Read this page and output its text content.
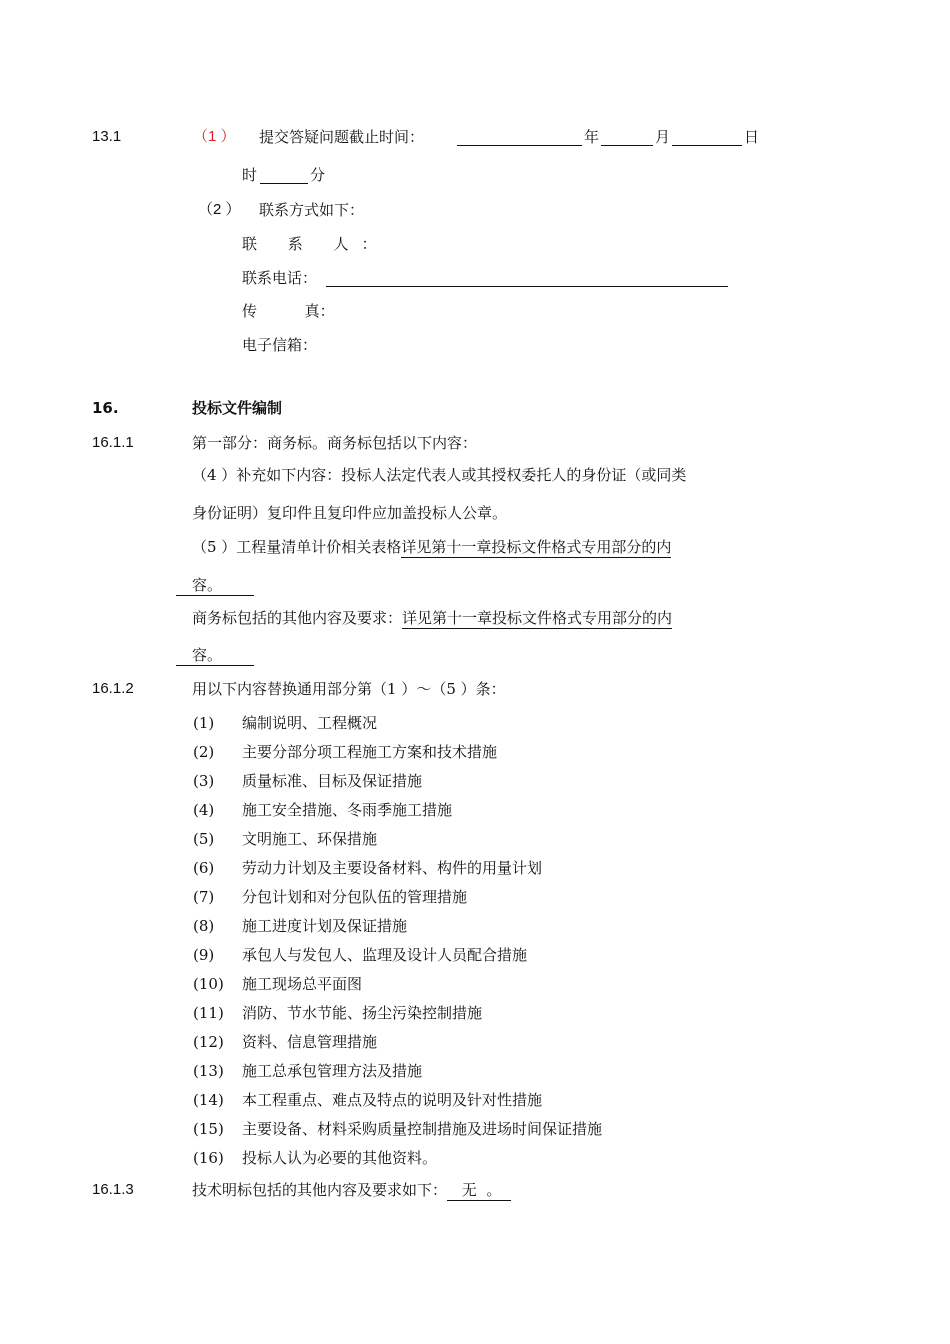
13.1	（1 ） 提交答疑问题截止时间：	年	月	日
时	分
（2 ） 联系方式如下：
联 系 人：
联系电话：
传          真：
电子信箱：
16.	投标文件编制
16.1.1	第一部分：商务标。商务标包括以下内容：
（4 ）补充如下内容：投标人法定代表人或其授权委托人的身份证（或同类
身份证明）复印件且复印件应加盖投标人公章。
（5 ）工程量清单计价相关表格详见第十一章投标文件格式专用部分的内
容。
商务标包括的其他内容及要求：详见第十一章投标文件格式专用部分的内
容。
16.1.2	用以下内容替换通用部分第（1 ）～（5 ）条：
(1) 编制说明、工程概况
(2) 主要分部分项工程施工方案和技术措施
(3) 质量标准、目标及保证措施
(4) 施工安全措施、冬雨季施工措施
(5) 文明施工、环保措施
(6) 劳动力计划及主要设备材料、构件的用量计划
(7) 分包计划和对分包队伍的管理措施
(8) 施工进度计划及保证措施
(9) 承包人与发包人、监理及设计人员配合措施
(10) 施工现场总平面图
(11) 消防、节水节能、扬尘污染控制措施
(12) 资料、信息管理措施
(13) 施工总承包管理方法及措施
(14) 本工程重点、难点及特点的说明及针对性措施
(15) 主要设备、材料采购质量控制措施及进场时间保证措施
(16) 投标人认为必要的其他资料。
16.1.3	技术明标包括的其他内容及要求如下： 无  。
